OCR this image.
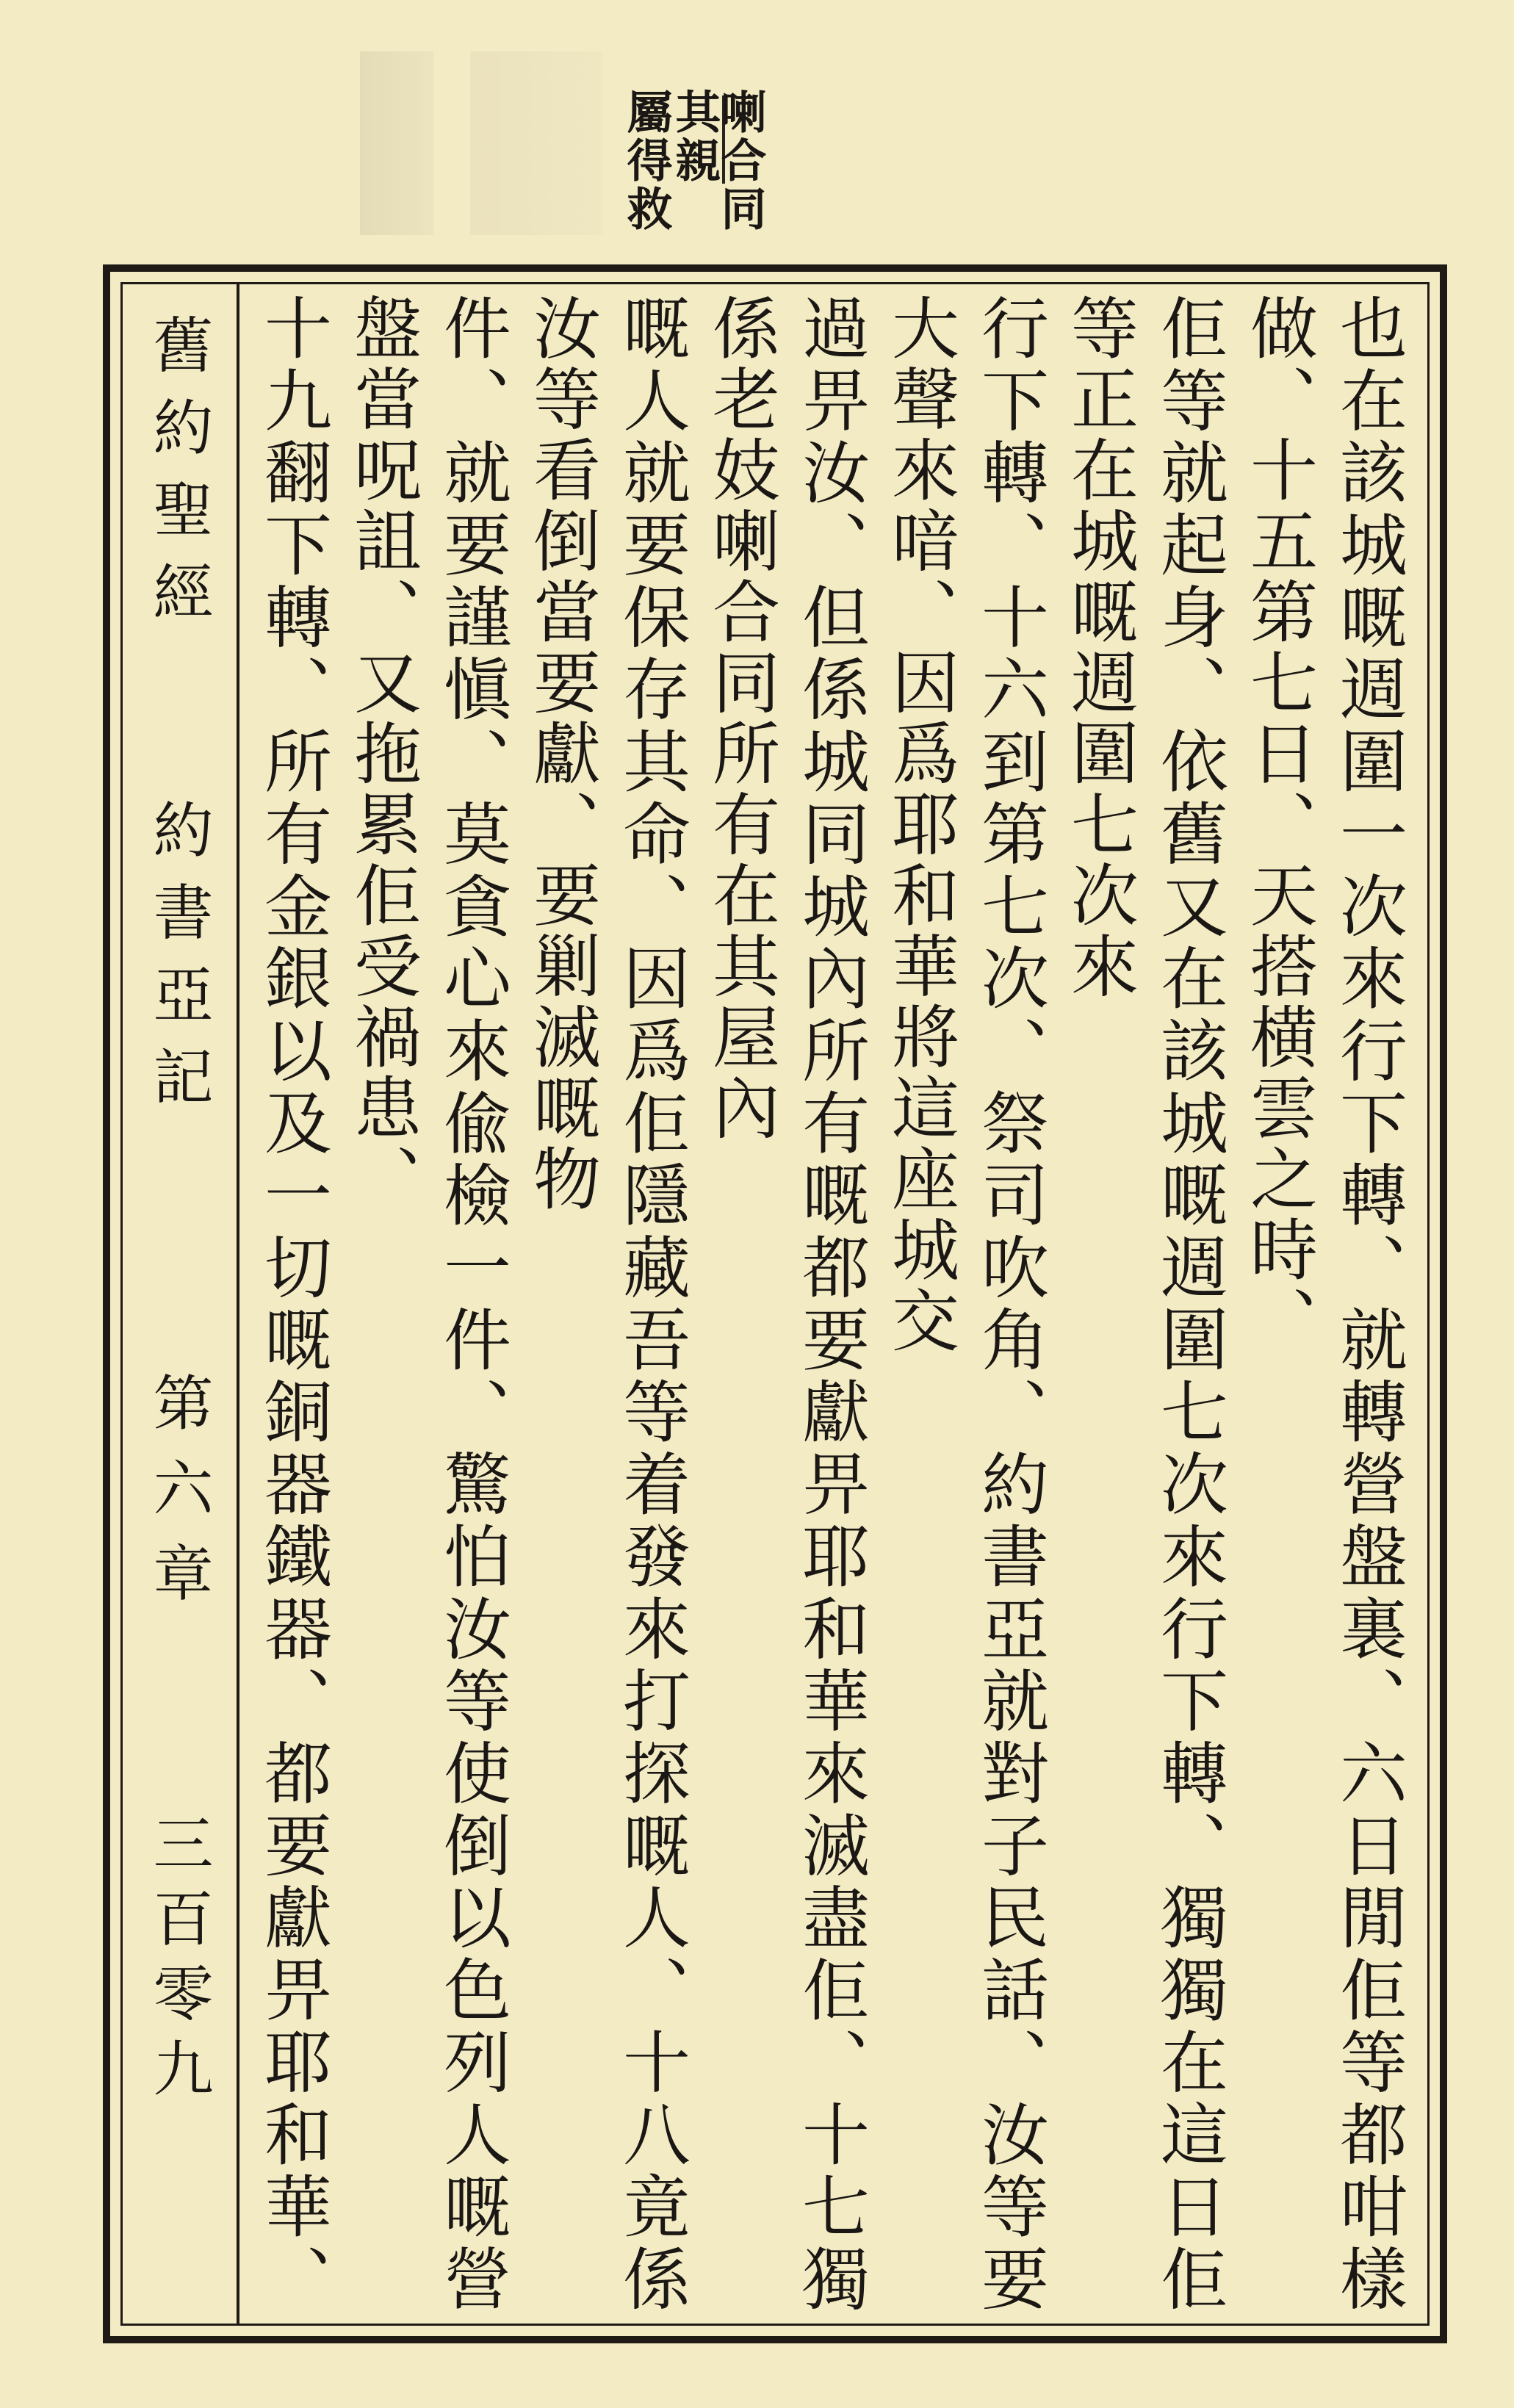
喇合同其親
屬得救
舊約聖經
約書亞記
第六章
三百零九	也在該城嘅週圍一次來行下轉、就轉營盤裏、六日閒佢等都咁樣做、十五第七日、天搭横雲之時、
佢等就起身、依舊又在該城嘅週圍七次來行下轉、獨獨在這日佢等正在城嘅週圍七次來
行下轉、十六到第七次、祭司吹角、約書亞就對子民話、汝等要大聲來喑、因爲耶和華將這座城交
過畀汝、但係城同城內所有嘅都要獻畀耶和華來滅盡佢、十七獨係老妓喇合同所有在其屋內
嘅人就要保存其命、因爲佢隱藏吾等着發來打探嘅人、十八竟係汝等看倒當要獻、要剿滅嘅物
件、就要謹愼、莫貪心來偸檢一件、驚怕汝等使倒以色列人嘅營盤當呪詛、又拖累佢受禍患、
十九翻下轉、所有金銀以及一切嘅銅器鐵器、都要獻畀耶和華、
